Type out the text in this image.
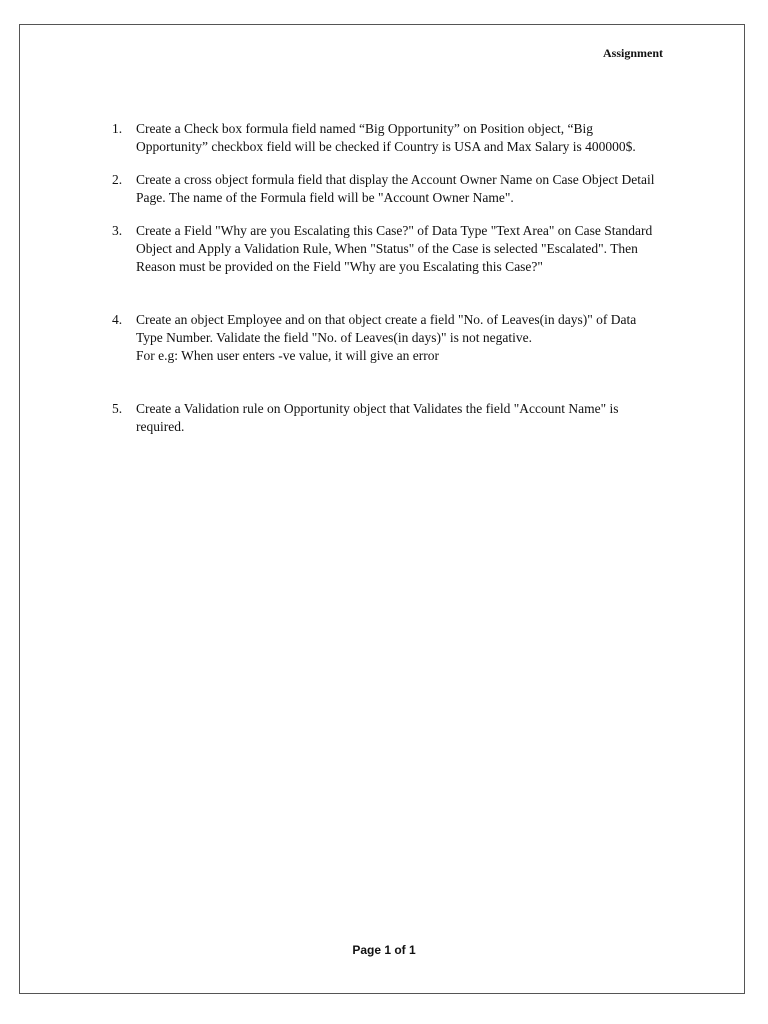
Assignment
1. Create a Check box formula field named “Big Opportunity” on Position object, “Big
Opportunity” checkbox field will be checked if Country is USA and Max Salary is 400000$.
2. Create a cross object formula field that display the Account Owner Name on Case Object Detail
Page. The name of the Formula field will be "Account Owner Name".
3. Create a Field "Why are you Escalating this Case?" of Data Type "Text Area" on Case Standard
Object and Apply a Validation Rule, When "Status" of the Case is selected "Escalated". Then
Reason must be provided on the Field "Why are you Escalating this Case?"
4. Create an object Employee and on that object create a field "No. of Leaves(in days)" of Data
Type Number. Validate the field "No. of Leaves(in days)" is not negative.
For e.g: When user enters -ve value, it will give an error
5. Create a Validation rule on Opportunity object that Validates the field "Account Name" is
required.
Page 1 of 1
